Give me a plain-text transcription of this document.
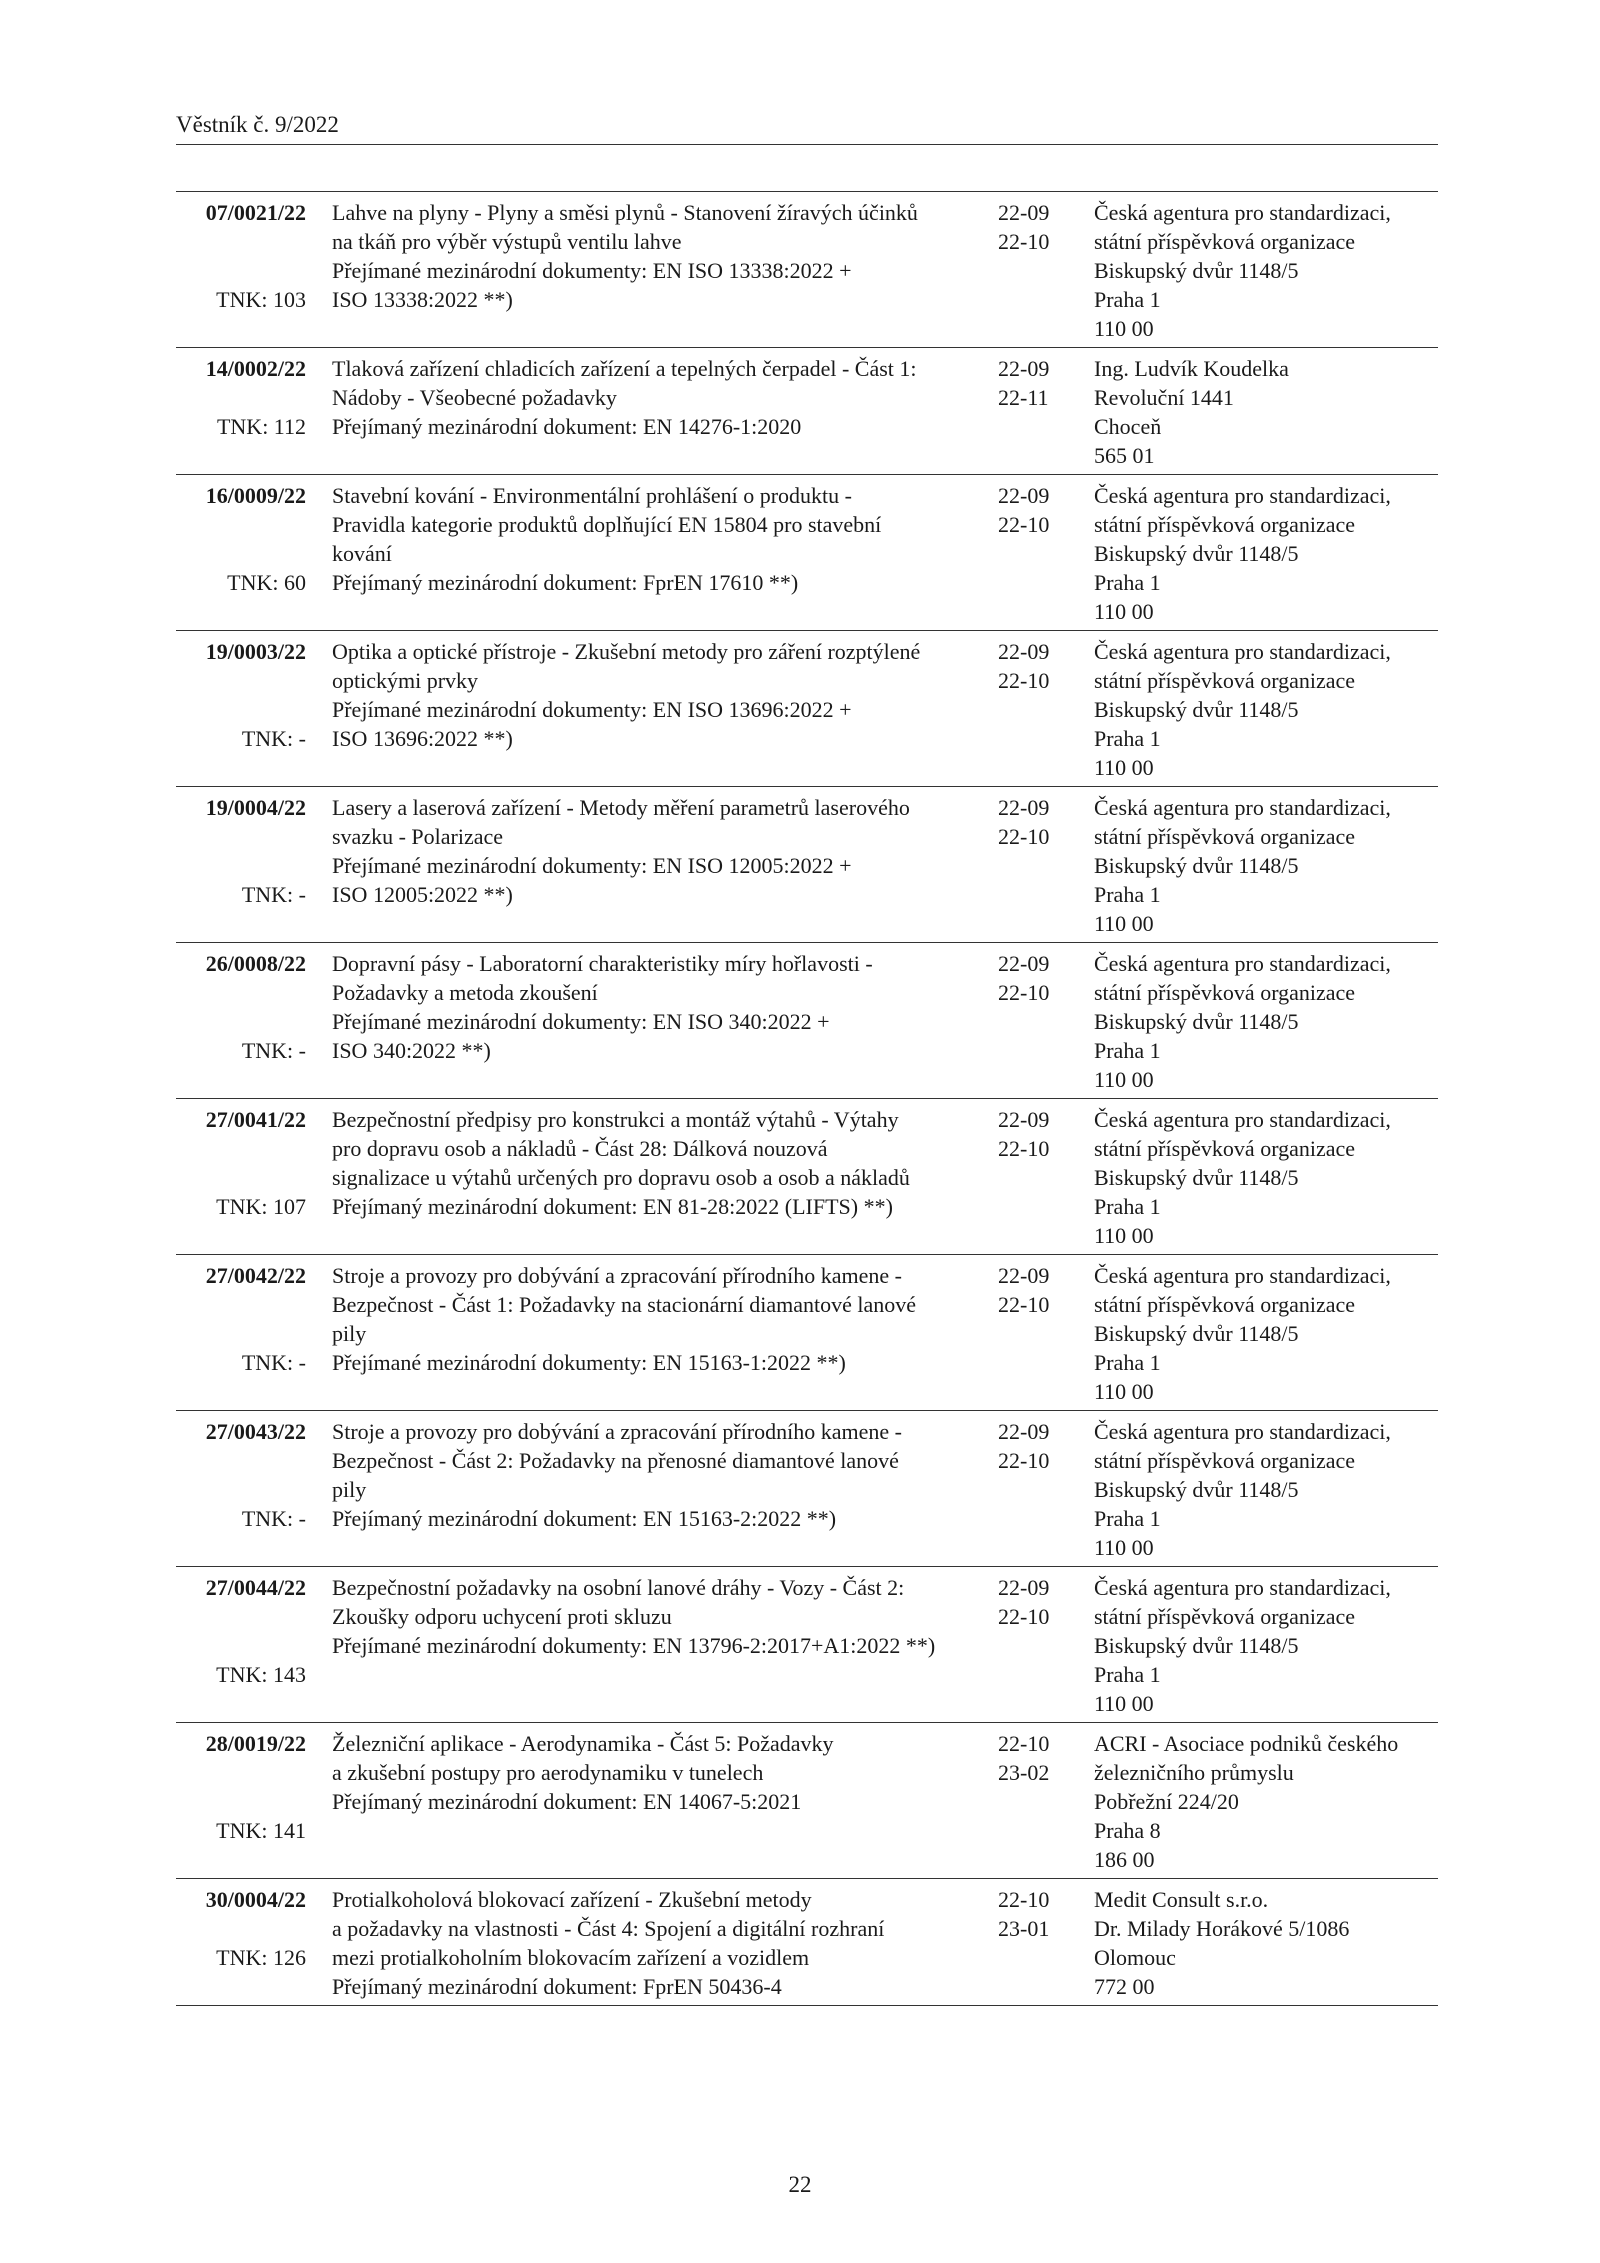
Věstník č. 9/2022
07/0021/22
TNK: 103
Lahve na plyny - Plyny a směsi plynů - Stanovení žíravých účinků
na tkáň pro výběr výstupů ventilu lahve
Přejímané mezinárodní dokumenty: EN ISO 13338:2022 +
ISO 13338:2022 **)
22-09
22-10
Česká agentura pro standardizaci,
státní příspěvková organizace
Biskupský dvůr 1148/5
Praha 1
110 00
14/0002/22
TNK: 112
Tlaková zařízení chladicích zařízení a tepelných čerpadel - Část 1:
Nádoby - Všeobecné požadavky
Přejímaný mezinárodní dokument: EN 14276-1:2020
22-09
22-11
Ing. Ludvík Koudelka
Revoluční 1441
Choceň
565 01
16/0009/22
TNK: 60
Stavební kování - Environmentální prohlášení o produktu -
Pravidla kategorie produktů doplňující EN 15804 pro stavební
kování
Přejímaný mezinárodní dokument: FprEN 17610 **)
22-09
22-10
Česká agentura pro standardizaci,
státní příspěvková organizace
Biskupský dvůr 1148/5
Praha 1
110 00
19/0003/22
TNK: -
Optika a optické přístroje - Zkušební metody pro záření rozptýlené
optickými prvky
Přejímané mezinárodní dokumenty: EN ISO 13696:2022 +
ISO 13696:2022 **)
22-09
22-10
Česká agentura pro standardizaci,
státní příspěvková organizace
Biskupský dvůr 1148/5
Praha 1
110 00
19/0004/22
TNK: -
Lasery a laserová zařízení - Metody měření parametrů laserového
svazku - Polarizace
Přejímané mezinárodní dokumenty: EN ISO 12005:2022 +
ISO 12005:2022 **)
22-09
22-10
Česká agentura pro standardizaci,
státní příspěvková organizace
Biskupský dvůr 1148/5
Praha 1
110 00
26/0008/22
TNK: -
Dopravní pásy - Laboratorní charakteristiky míry hořlavosti -
Požadavky a metoda zkoušení
Přejímané mezinárodní dokumenty: EN ISO 340:2022 +
ISO 340:2022 **)
22-09
22-10
Česká agentura pro standardizaci,
státní příspěvková organizace
Biskupský dvůr 1148/5
Praha 1
110 00
27/0041/22
TNK: 107
Bezpečnostní předpisy pro konstrukci a montáž výtahů - Výtahy
pro dopravu osob a nákladů - Část 28: Dálková nouzová
signalizace u výtahů určených pro dopravu osob a osob a nákladů
Přejímaný mezinárodní dokument: EN 81-28:2022 (LIFTS) **)
22-09
22-10
Česká agentura pro standardizaci,
státní příspěvková organizace
Biskupský dvůr 1148/5
Praha 1
110 00
27/0042/22
TNK: -
Stroje a provozy pro dobývání a zpracování přírodního kamene -
Bezpečnost - Část 1: Požadavky na stacionární diamantové lanové
pily
Přejímané mezinárodní dokumenty: EN 15163-1:2022 **)
22-09
22-10
Česká agentura pro standardizaci,
státní příspěvková organizace
Biskupský dvůr 1148/5
Praha 1
110 00
27/0043/22
TNK: -
Stroje a provozy pro dobývání a zpracování přírodního kamene -
Bezpečnost - Část 2: Požadavky na přenosné diamantové lanové
pily
Přejímaný mezinárodní dokument: EN 15163-2:2022 **)
22-09
22-10
Česká agentura pro standardizaci,
státní příspěvková organizace
Biskupský dvůr 1148/5
Praha 1
110 00
27/0044/22
TNK: 143
Bezpečnostní požadavky na osobní lanové dráhy - Vozy - Část 2:
Zkoušky odporu uchycení proti skluzu
Přejímané mezinárodní dokumenty: EN 13796-2:2017+A1:2022 **)
22-09
22-10
Česká agentura pro standardizaci,
státní příspěvková organizace
Biskupský dvůr 1148/5
Praha 1
110 00
28/0019/22
TNK: 141
Železniční aplikace - Aerodynamika - Část 5: Požadavky
a zkušební postupy pro aerodynamiku v tunelech
Přejímaný mezinárodní dokument: EN 14067-5:2021
22-10
23-02
ACRI - Asociace podniků českého
železničního průmyslu
Pobřežní 224/20
Praha 8
186 00
30/0004/22
TNK: 126
Protialkoholová blokovací zařízení - Zkušební metody
a požadavky na vlastnosti - Část 4: Spojení a digitální rozhraní
mezi protialkoholním blokovacím zařízení a vozidlem
Přejímaný mezinárodní dokument: FprEN 50436-4
22-10
23-01
Medit Consult s.r.o.
Dr. Milady Horákové 5/1086
Olomouc
772 00
22
